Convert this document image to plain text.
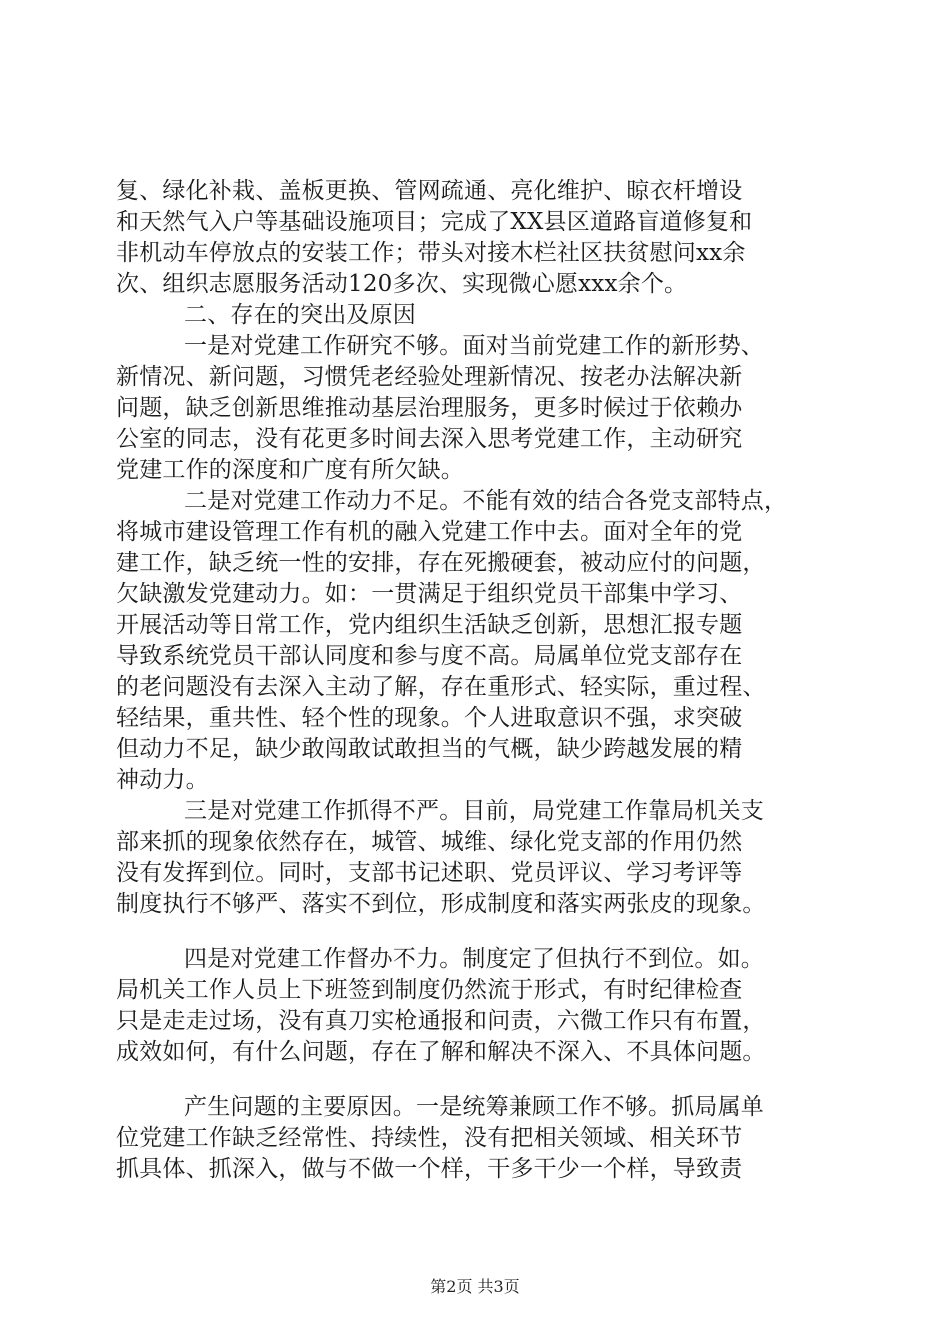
复、绿化补栽、盖板更换、管网疏通、亮化维护、晾衣杆增设
和天然气入户等基础设施项目；完成了XX县区道路盲道修复和
非机动车停放点的安装工作；带头对接木栏社区扶贫慰问xx余
次、组织志愿服务活动120多次、实现微心愿xxx余个。
二、存在的突出及原因
一是对党建工作研究不够。面对当前党建工作的新形势、
新情况、新问题，习惯凭老经验处理新情况、按老办法解决新
问题，缺乏创新思维推动基层治理服务，更多时候过于依赖办
公室的同志，没有花更多时间去深入思考党建工作，主动研究
党建工作的深度和广度有所欠缺。
二是对党建工作动力不足。不能有效的结合各党支部特点，
将城市建设管理工作有机的融入党建工作中去。面对全年的党
建工作，缺乏统一性的安排，存在死搬硬套，被动应付的问题，
欠缺激发党建动力。如：一贯满足于组织党员干部集中学习、
开展活动等日常工作，党内组织生活缺乏创新，思想汇报专题
导致系统党员干部认同度和参与度不高。局属单位党支部存在
的老问题没有去深入主动了解，存在重形式、轻实际，重过程、
轻结果，重共性、轻个性的现象。个人进取意识不强，求突破
但动力不足，缺少敢闯敢试敢担当的气概，缺少跨越发展的精
神动力。
三是对党建工作抓得不严。目前，局党建工作靠局机关支
部来抓的现象依然存在，城管、城维、绿化党支部的作用仍然
没有发挥到位。同时，支部书记述职、党员评议、学习考评等
制度执行不够严、落实不到位，形成制度和落实两张皮的现象。
四是对党建工作督办不力。制度定了但执行不到位。如。
局机关工作人员上下班签到制度仍然流于形式，有时纪律检查
只是走走过场，没有真刀实枪通报和问责，六微工作只有布置，
成效如何，有什么问题，存在了解和解决不深入、不具体问题。
产生问题的主要原因。一是统筹兼顾工作不够。抓局属单
位党建工作缺乏经常性、持续性，没有把相关领域、相关环节
抓具体、抓深入，做与不做一个样，干多干少一个样，导致责
第2页 共3页
